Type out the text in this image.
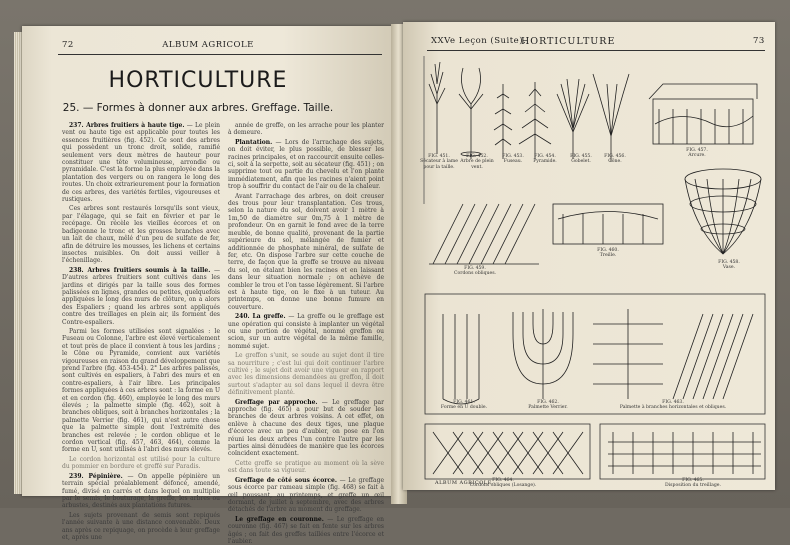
72	ALBUM AGRICOLE
HORTICULTURE
25. — Formes à donner aux arbres. Greffage. Taille.

237. Arbres fruitiers à haute tige. — Le plein vent ou haute tige est applicable pour toutes les essences fruitières (fig. 452). Ce sont des arbres qui possèdent un tronc droit, solide, ramifié seulement vers deux mètres de hauteur pour constituer une tête volumineuse, arrondie ou pyramidale. C'est la forme la plus employée dans la plantation des vergers ou on rangera le long des routes. Un choix extrarieurement pour la formation de ces arbres, des variétés fertiles, vigoureuses et rustiques.

Ces arbres sont restaurés lorsqu'ils sont vieux, par l'élagage, qui se fait en février et par le recépage. On récèle les vieilles écorces et on badigeonne le tronc et les grosses branches avec un lait de chaux, mêlé d'un peu de sulfate de fer, afin de détruire les mousses, les lichens et certains insectes nuisibles. On doit aussi veiller à l'échenillage.

238. Arbres fruitiers soumis à la taille. — D'autres arbres fruitiers sont cultivés dans les jardins et dirigés par la taille sous des formes palissées en lignes, grandes ou petites, quelquefois appliquées le long des murs de clôture, on a alors des Espaliers ; quand les arbres sont appliqués contre des treillages en plein air, ils forment des Contre-espaliers.

Parmi les formes utilisées sont signalées : le Fuseau ou Colonne, l'arbre est élevé verticalement et tout près de place il convient à tous les jardins ; le Cône ou Pyramide, convient aux variétés vigoureuses en raison du grand développement que prend l'arbre (fig. 453-454). 2° Les arbres palissés, sont cultivés en espaliers, à l'abri des murs et en contre-espaliers, à l'air libre. Les principales formes appliquées à ces arbres sont : la forme en U et en cordon (fig. 460), employée le long des murs élevés ; la palmette simple (fig. 462), soit à branches obliques, soit à branches horizontales ; la palmette Verrier (fig. 461), qui n'est autre chose que la palmette simple dont l'extrémité des branches est relevée ; le cordon oblique et le cordon vertical (fig. 457, 463, 464), comme la forme en U, sont utilisés à l'abri des murs élevés.

Le cordon horizontal est utilisé pour la culture du pommier en bordure et greffé sur Paradis.

239. Pépinière. — On appelle pépinière un terrain spécial préalablement défoncé, amendé, fumé, divisé en carrés et dans lequel on multiplie par le semis, le bouturage, la greffe, les arbres ou arbustes, destinés aux plantations futures.

Les sujets provenant de semis sont repiqués l'année suivante à une distance convenable. Deux ans après ce repiquage, on procède à leur greffage et, après une

année de greffe, on les arrache pour les planter à demeure.

Plantation. — Lors de l'arrachage des sujets, on doit éviter, le plus possible, de blesser les racines principales, et on raccourcit ensuite celles-ci, soit à la serpette, soit au sécateur (fig. 451) ; on supprime tout ou partie du chevelu et l'on plante immédiatement, afin que les racines n'aient point trop à souffrir du contact de l'air ou de la chaleur.

Avant l'arrachage des arbres, on doit creuser des trous pour leur transplantation. Ces trous, selon la nature du sol, doivent avoir 1 mètre à 1m,50 de diamètre sur 0m,75 à 1 mètre de profondeur. On en garnit le fond avec de la terre meuble, de bonne qualité, provenant de la partie supérieure du sol, mélangée de fumier et additionnée de phosphate minéral, de sulfate de fer, etc. On dispose l'arbre sur cette couche de terre, de façon que la greffe se trouve au niveau du sol, on étalant bien les racines et en laissant dans leur situation normale ; on achève de combler le trou et l'on tasse légèrement. Si l'arbre est à haute tige, on le fixe à un tuteur. Au printemps, on donne une bonne fumure en couverture.

240. La greffe. — La greffe ou le greffage est une opération qui consiste à implanter un végétal ou une portion de végétal, nommé greffon ou scion, sur un autre végétal de la même famille, nommé sujet.

Le greffon s'unit, se soude au sujet dont il tire sa nourriture ; c'est lui qui doit continuer l'arbre cultivé ; le sujet doit avoir une vigueur en rapport avec les dimensions demandées au greffon, il doit surtout s'adapter au sol dans lequel il devra être définitivement planté.

Greffage par approche. — Le greffage par approche (fig. 465) a pour but de souder les branches de deux arbres voisins. A cet effet, on enlève à chacune des deux tiges, une plaque d'écorce avec un peu d'aubier, on pose en l'on réuni les deux arbres l'un contre l'autre par les parties ainsi dénudées de manière que les écorces coïncident exactement.

Cette greffe se pratique au moment où la sève est dans toute sa vigueur.

Greffage de côté sous écorce. — Le greffage sous écorce par rameau simple (fig. 468) se fait à œil poussant, au printemps, et greffe un œil dormant, de juillet à septembre, avec des arbres détachés de l'arbre au moment du greffage.

Le greffage en couronne. — Le greffage en couronne (fig. 467) se fait en fente sur les arbres âgés ; on fait des greffes taillées entre l'écorce et l'aubier.

XXVe Leçon (Suite).
HORTICULTURE	73
FIG. 451.
Sécateur à lame
pour la taille.
FIG. 452.
Arbre de plein vent.
FIG. 453.
Fuseau.
FIG. 454.
Pyramide.
FIG. 455.
Gobelet.
FIG. 456.
Cône.
FIG. 457.
Arcure.
FIG. 459.
Cordons obliques.
FIG. 460.
Treille.
FIG. 458.
Vase.
FIG. 461.
Forme en U double.
FIG. 462.
Palmette Verrier.
FIG. 463.
Palmette à branches horizontales et obliques.
FIG. 464.
Cordons obliques (Losange).
FIG. 465.
Disposition du treillage.
ALBUM AGRICOLE.
